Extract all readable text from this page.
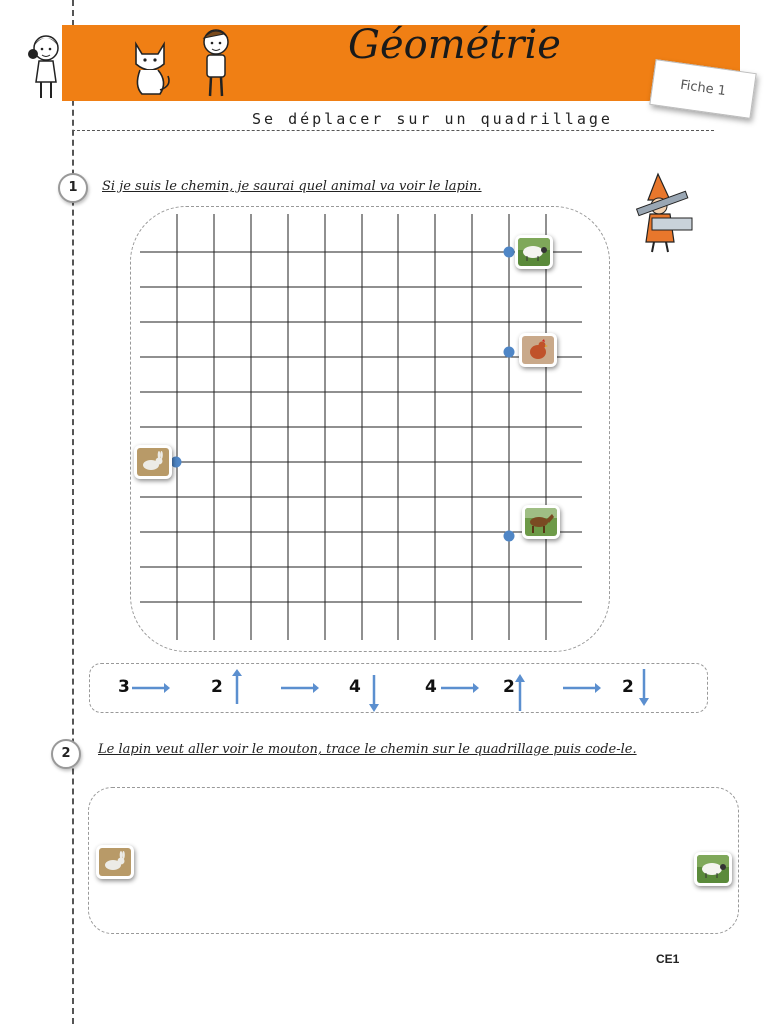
Géométrie
Fiche 1
Se déplacer sur un quadrillage
1	Si je suis le chemin, je saurai quel animal va voir le lapin.
3	2	4	4	2	2
2	Le lapin veut aller voir le mouton, trace le chemin sur le quadrillage puis code-le.
CE1
